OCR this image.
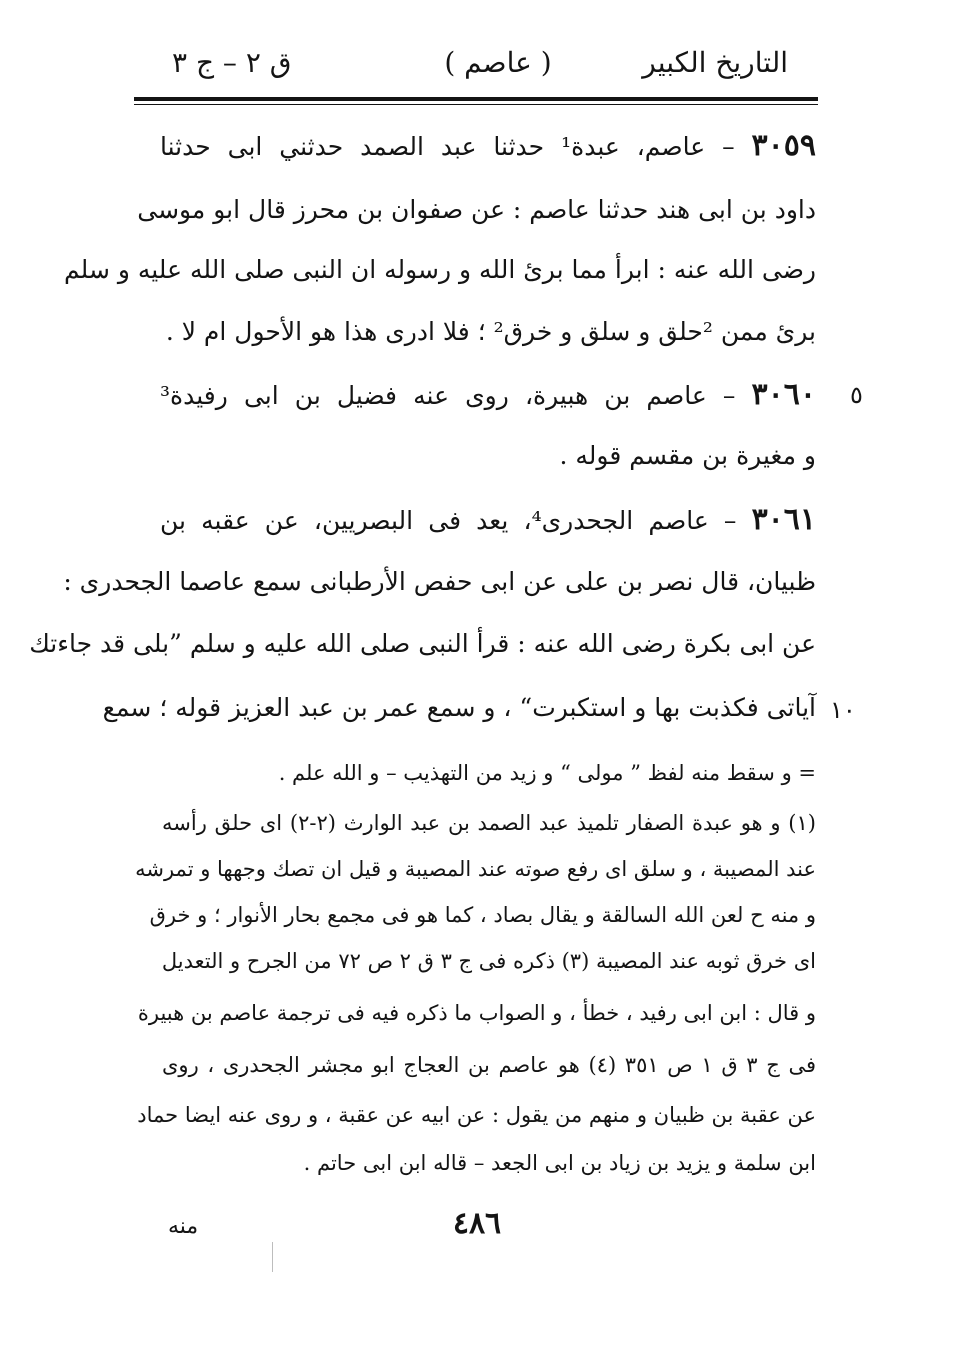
التاريخ الكبير
( عاصم )
ق ٢ – ج ٣
٣٠٥٩ – عاصم، عبدة¹ حدثنا عبد الصمد حدثني ابى حدثنا
داود بن ابى هند حدثنا عاصم : عن صفوان بن محرز قال ابو موسى
رضى الله عنه : ابرأ مما برئ الله و رسوله ان النبى صلى الله عليه و سلم
برئ ممن ²حلق و سلق و خرق² ؛ فلا ادرى هذا هو الأحول ام لا .
٣٠٦٠ – عاصم بن هبيرة، روى عنه فضيل بن ابى رفيدة³
و مغيرة بن مقسم قوله .
٣٠٦١ – عاصم الجحدرى⁴، يعد فى البصريين، عن عقبه بن
ظبيان، قال نصر بن على عن ابى حفص الأرطبانى سمع عاصما الجحدرى :
عن ابى بكرة رضى الله عنه : قرأ النبى صلى الله عليه و سلم ”بلى قد جاءتك
آياتى فكذبت بها و استكبرت“ ، و سمع عمر بن عبد العزيز قوله ؛ سمع
٥
١٠
= و سقط منه لفظ ” مولى “ و زيد من التهذيب – و الله علم .
(١) و هو عبدة الصفار تلميذ عبد الصمد بن عبد الوارث (٢-٢) اى حلق رأسه
عند المصيبة ، و سلق اى رفع صوته عند المصيبة و قيل ان تصك وجهها و تمرشه
و منه ح لعن الله السالقة و يقال بصاد ، كما هو فى مجمع بحار الأنوار ؛ و خرق
اى خرق ثوبه عند المصيبة (٣) ذكره فى ج ٣ ق ٢ ص ٧٢ من الجرح و التعديل
و قال : ابن ابى رفيد ، خطأ ، و الصواب ما ذكره فيه فى ترجمة عاصم بن هبيرة
فى ج ٣ ق ١ ص ٣٥١ (٤) هو عاصم بن العجاج ابو مجشر الجحدرى ، روى
عن عقبة بن ظبيان و منهم من يقول : عن ابيه عن عقبة ، و روى عنه ايضا حماد
ابن سلمة و يزيد بن زياد بن ابى الجعد – قاله ابن ابى حاتم .
٤٨٦
منه
